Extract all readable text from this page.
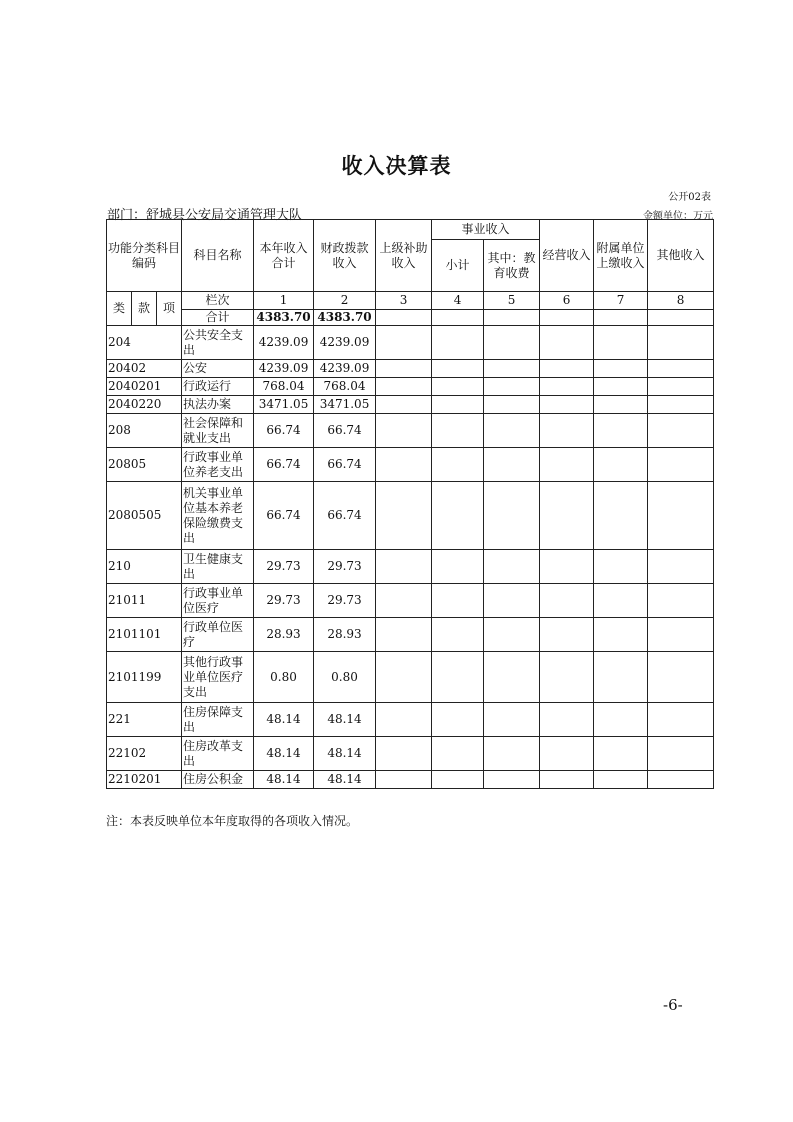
收入决算表
公开02表
部门：舒城县公安局交通管理大队	金额单位：万元
功能分类科目编码			科目名称	本年收入合计	财政拨款收入	上级补助收入	事业收入		经营收入	附属单位上缴收入	其他收入
							小计	其中：教育收费			
类	款	项	栏次	1	2	3	4	5	6	7	8
			合计	4383.70	4383.70						
204			公共安全支出	4239.09	4239.09						
20402			公安	4239.09	4239.09						
2040201			行政运行	768.04	768.04						
2040220			执法办案	3471.05	3471.05						
208			社会保障和就业支出	66.74	66.74						
20805			行政事业单位养老支出	66.74	66.74						
2080505			机关事业单位基本养老保险缴费支出	66.74	66.74						
210			卫生健康支出	29.73	29.73						
21011			行政事业单位医疗	29.73	29.73						
2101101			行政单位医疗	28.93	28.93						
2101199			其他行政事业单位医疗支出	0.80	0.80						
221			住房保障支出	48.14	48.14						
22102			住房改革支出	48.14	48.14						
2210201			住房公积金	48.14	48.14						
注：本表反映单位本年度取得的各项收入情况。
-6-
